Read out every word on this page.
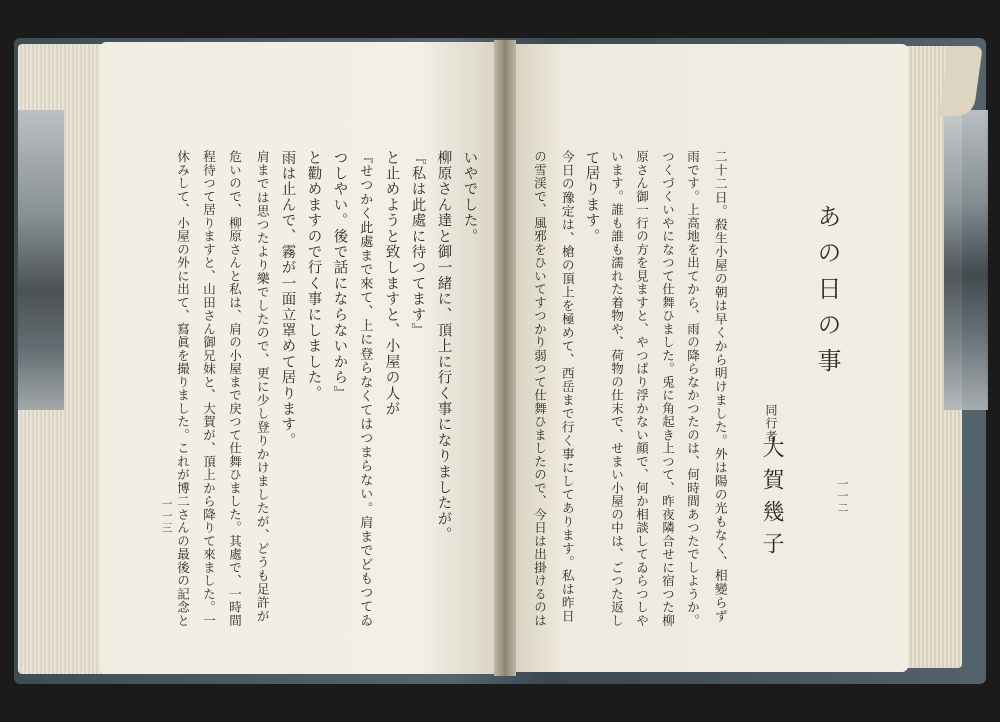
あの日の事
同行者
大賀幾子	一一二
二十二日。殺生小屋の朝は早くから明けました。外は陽の光もなく、相變らず
雨です。上高地を出てから、雨の降らなかつたのは、何時間あつたでしようか。
つくづくいやになつて仕舞ひました。兎に角起き上つて、昨夜隣合せに宿つた柳
原さん御一行の方を見ますと、やつぱり浮かない顔で、何か相談してゐらつしや
います。誰も誰も濡れた着物や、荷物の仕末で、せまい小屋の中は、ごつた返し
て居ります。
今日の豫定は、槍の頂上を極めて、西岳まで行く事にしてあります。私は昨日
の雪渓で、風邪をひいてすつかり弱つて仕舞ひましたので、今日は出掛けるのは
一一三
いやでした。
柳原さん達と御一緒に、頂上に行く事になりましたが。
『私は此處に待つてます』
と止めようと致しますと、小屋の人が
『せつかく此處まで來て、上に登らなくてはつまらない。肩までどもつてゐ
つしやい。後で話にならないから』
と勸めますので行く事にしました。
雨は止んで、霧が一面立罩めて居ります。
肩までは思つたより樂でしたので、更に少し登りかけましたが、どうも足許が
危いので、柳原さんと私は、肩の小屋まで戻つて仕舞ひました。其處で、一時間
程待つて居りますと、山田さん御兄妹と、大賀が、頂上から降りて來ました。一
休みして、小屋の外に出て、寫眞を撮りました。これが博二さんの最後の記念と
